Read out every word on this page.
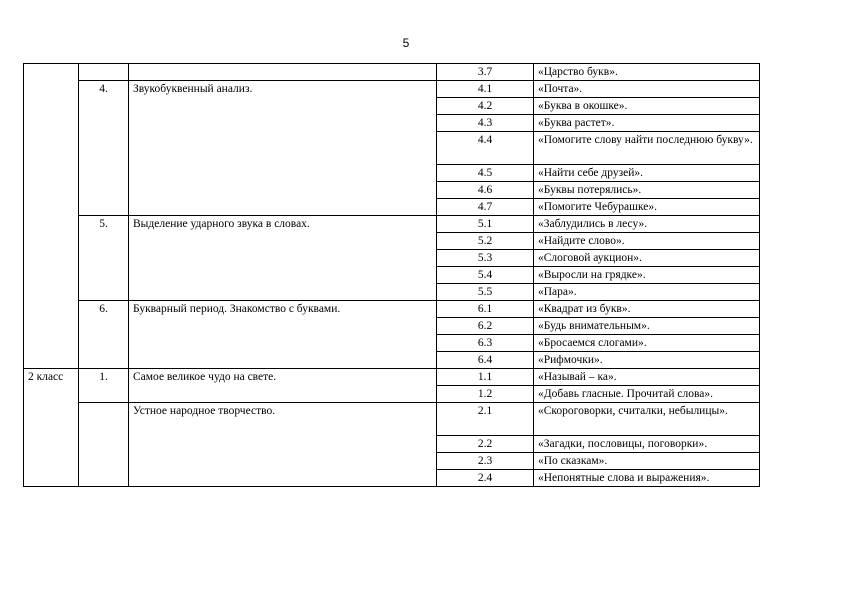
5
			3.7	«Царство букв».
	4.	Звукобуквенный анализ.	4.1	«Почта».
			4.2	«Буква в окошке».
			4.3	«Буква растет».
			4.4	«Помогите слову найти последнюю букву».
			4.5	«Найти себе друзей».
			4.6	«Буквы потерялись».
			4.7	«Помогите Чебурашке».
	5.	Выделение ударного звука в словах.	5.1	«Заблудились в лесу».
			5.2	«Найдите слово».
			5.3	«Слоговой аукцион».
			5.4	«Выросли на грядке».
			5.5	«Пара».
	6.	Букварный период. Знакомство с буквами.	6.1	«Квадрат из букв».
			6.2	«Будь внимательным».
			6.3	«Бросаемся слогами».
			6.4	«Рифмочки».
2 класс	1.	Самое великое чудо на свете.	1.1	«Называй – ка».
			1.2	«Добавь гласные. Прочитай слова».
		Устное народное творчество.	2.1	«Скороговорки, считалки, небылицы».
			2.2	«Загадки, пословицы, поговорки».
			2.3	«По сказкам».
			2.4	«Непонятные слова и выражения».
